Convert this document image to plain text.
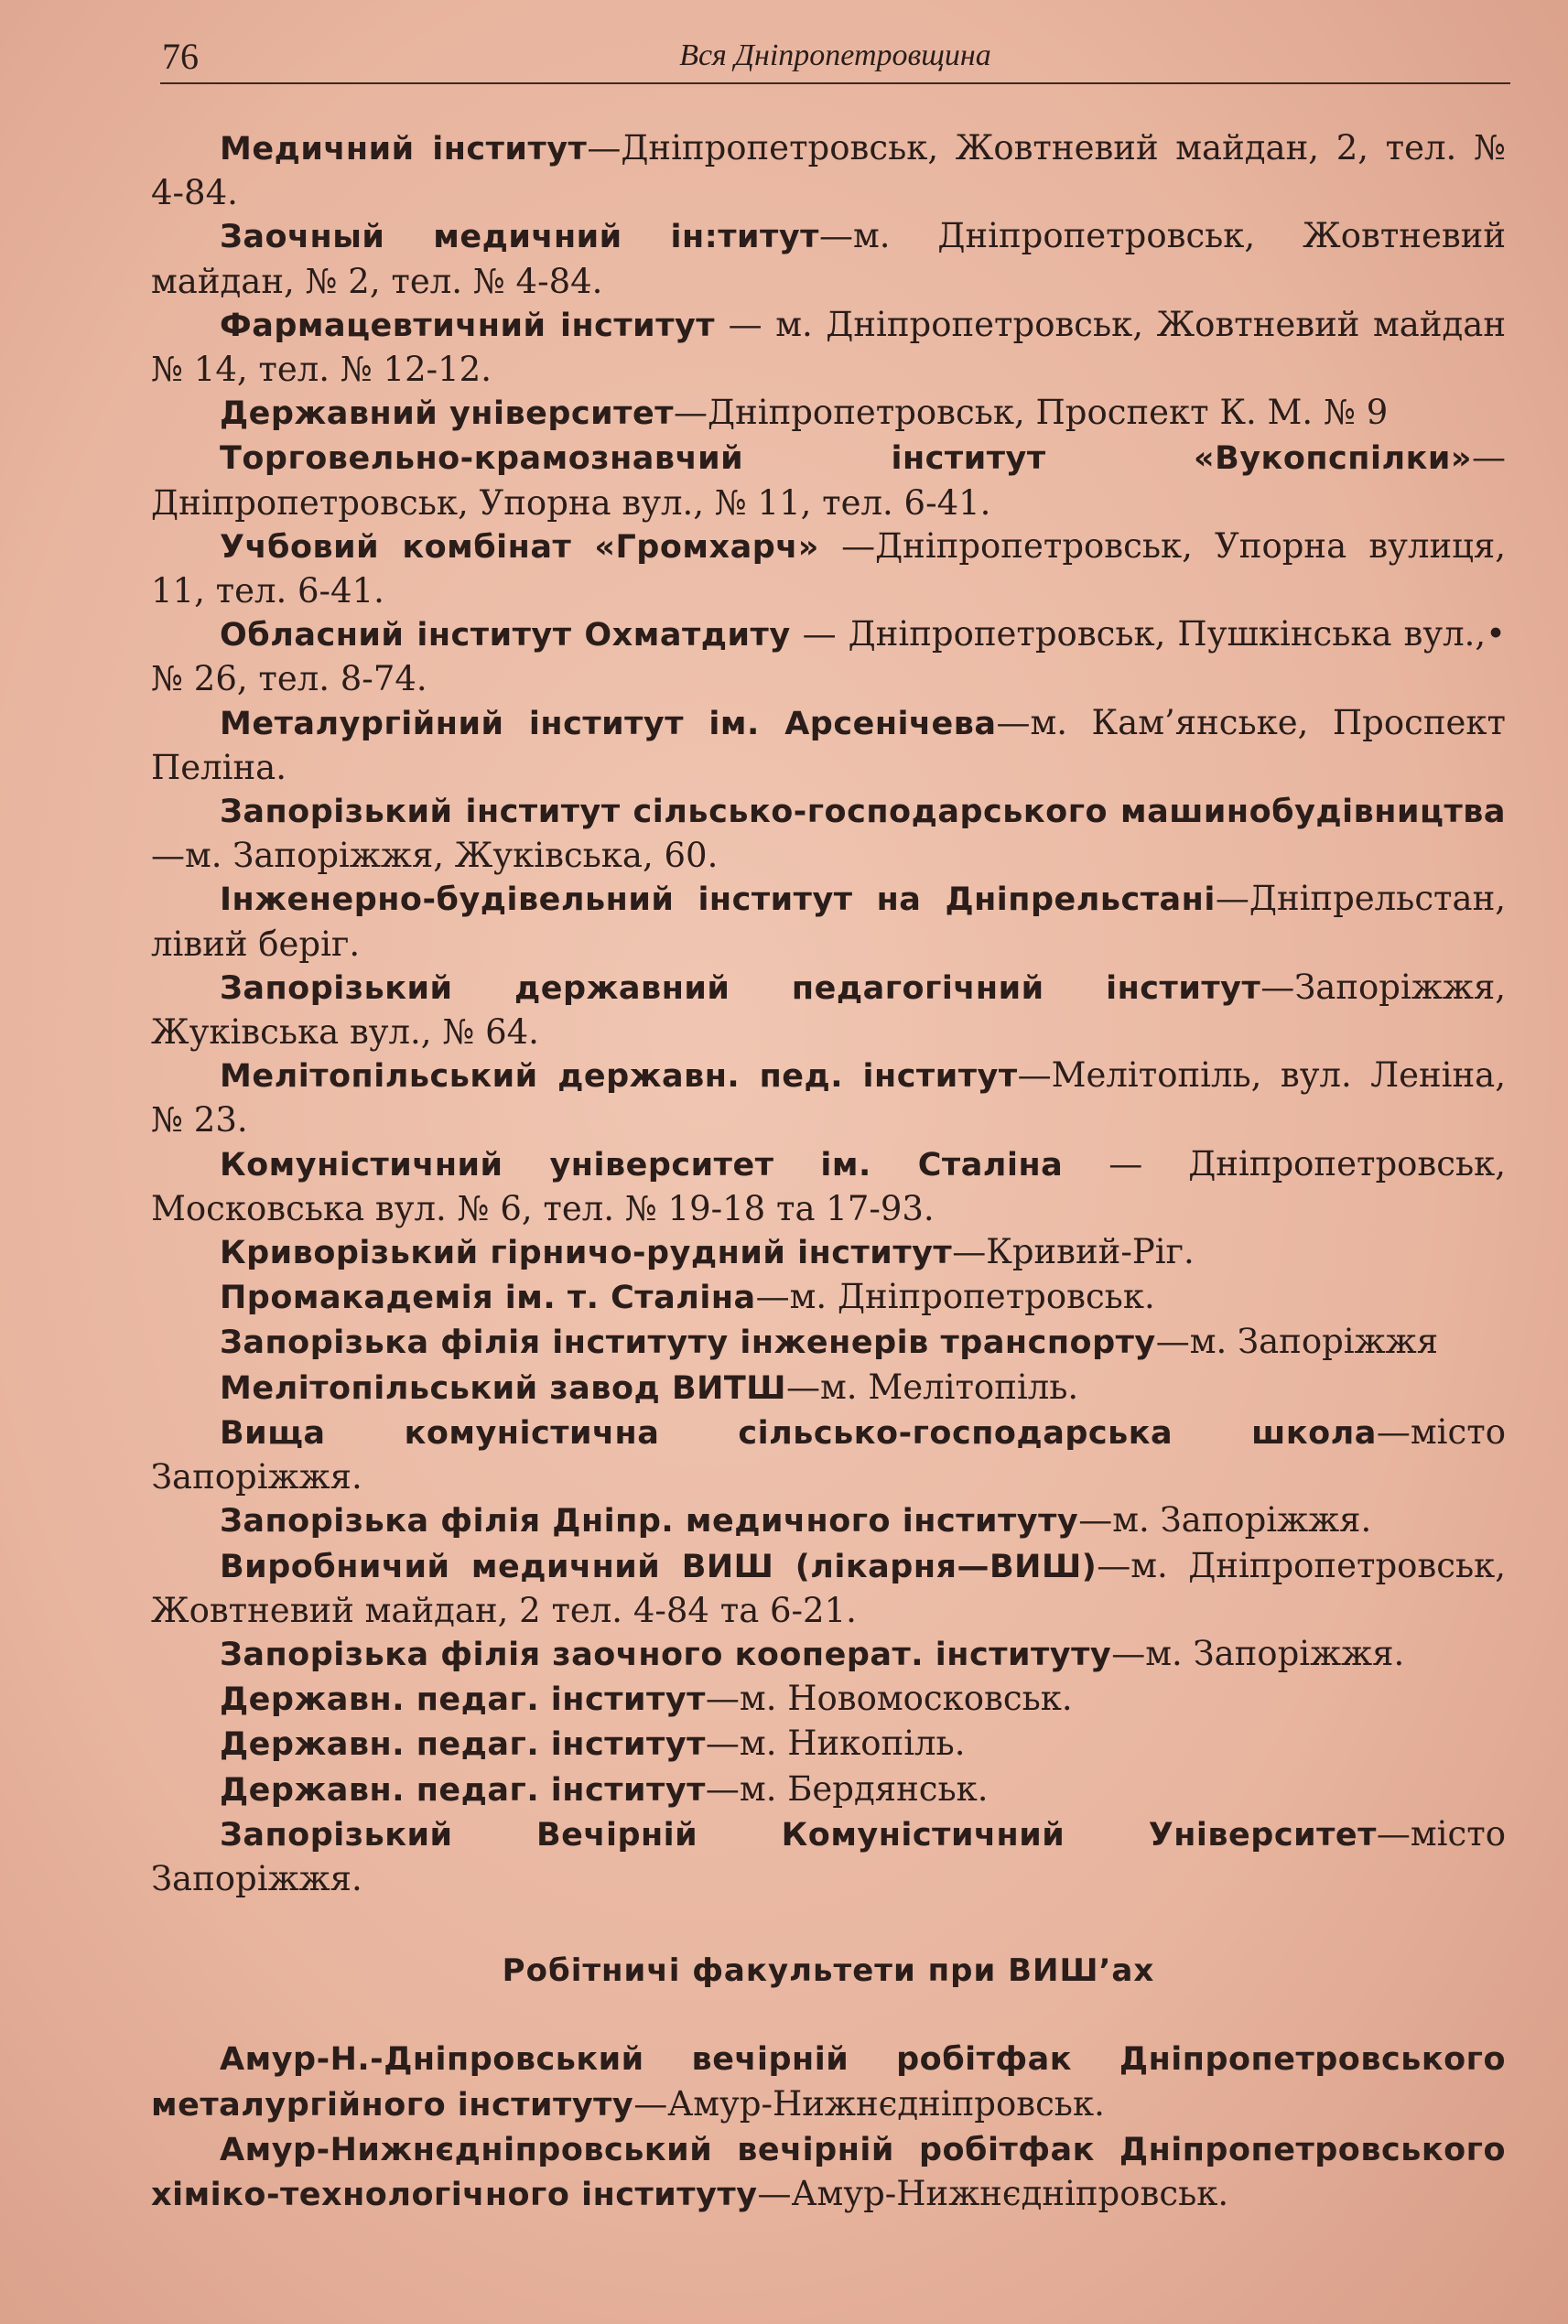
76	Вся Дніпропетровщина

Медичний інститут—Дніпропетровськ, Жовтневий майдан, 2, тел. № 4-84.

Заочный медичний ін:титут—м. Дніпропетровськ, Жовтневий майдан, № 2, тел. № 4-84.

Фармацевтичний інститут — м. Дніпропетровськ, Жовтневий майдан № 14, тел. № 12-12.

Державний університет—Дніпропетровськ, Проспект К. М. № 9

Торговельно-крамознавчий інститут «Вукопспілки»—Дніпропетровськ, Упорна вул., № 11, тел. 6-41.

Учбовий комбінат «Громхарч» —Дніпропетровськ, Упорна вулиця, 11, тел. 6-41.

Обласний інститут Охматдиту — Дніпропетровськ, Пушкінська вул.,• № 26, тел. 8-74.

Металургійний інститут ім. Арсенічева—м. Кам’янське, Проспект Пеліна.

Запорізький інститут сільсько-господарського машинобудівництва—м. Запоріжжя, Жуківська, 60.

Інженерно-будівельний інститут на Дніпрельстані—Дніпрельстан, лівий беріг.

Запорізький державний педагогічний інститут—Запоріжжя, Жуківська вул., № 64.

Мелітопільський державн. пед. інститут—Мелітопіль, вул. Леніна, № 23.

Комуністичний університет ім. Сталіна — Дніпропетровськ, Московська вул. № 6, тел. № 19-18 та 17-93.

Криворізький гірничо-рудний інститут—Кривий-Ріг.

Промакадемія ім. т. Сталіна—м. Дніпропетровськ.

Запорізька філія інституту інженерів транспорту—м. Запоріжжя

Мелітопільський завод ВИТШ—м. Мелітопіль.

Вища комуністична сільсько-господарська школа—місто Запоріжжя.

Запорізька філія Дніпр. медичного інституту—м. Запоріжжя.

Виробничий медичний ВИШ (лікарня—ВИШ)—м. Дніпропетровськ, Жовтневий майдан, 2 тел. 4-84 та 6-21.

Запорізька філія заочного кооперат. інституту—м. Запоріжжя.

Державн. педаг. інститут—м. Новомосковськ.

Державн. педаг. інститут—м. Никопіль.

Державн. педаг. інститут—м. Бердянськ.

Запорізький Вечірній Комуністичний Університет—місто Запоріжжя.

Робітничі факультети при ВИШ’ах

Амур-Н.-Дніпровський вечірній робітфак Дніпропетровського металургійного інституту—Амур-Нижнєдніпровськ.

Амур-Нижнєдніпровський вечірній робітфак Дніпропетровського хіміко-технологічного інституту—Амур-Нижнєдніпровськ.
